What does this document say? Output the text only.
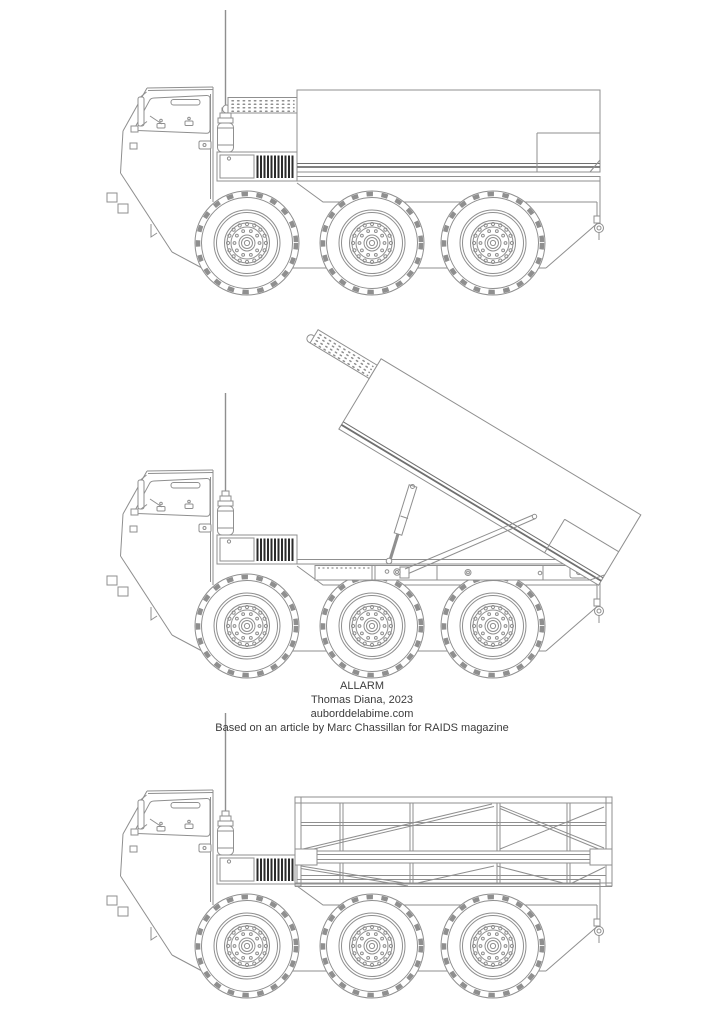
ALLARM
Thomas Diana, 2023
auborddelabime.com
Based on an article by Marc Chassillan for RAIDS magazine
